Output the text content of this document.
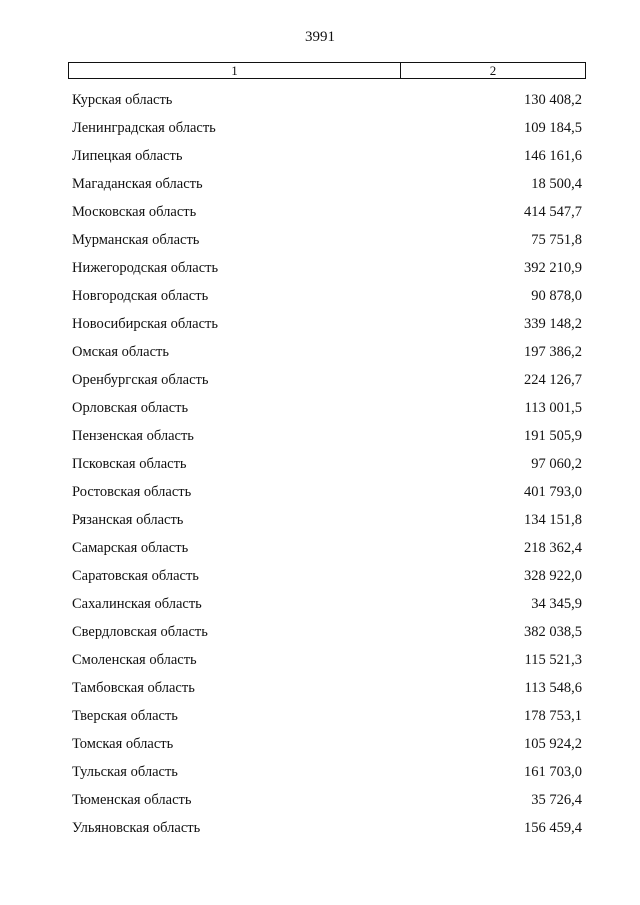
3991
1	2
Курская область	130 408,2
Ленинградская область	109 184,5
Липецкая область	146 161,6
Магаданская область	18 500,4
Московская область	414 547,7
Мурманская область	75 751,8
Нижегородская область	392 210,9
Новгородская область	90 878,0
Новосибирская область	339 148,2
Омская область	197 386,2
Оренбургская область	224 126,7
Орловская область	113 001,5
Пензенская область	191 505,9
Псковская область	97 060,2
Ростовская область	401 793,0
Рязанская область	134 151,8
Самарская область	218 362,4
Саратовская область	328 922,0
Сахалинская область	34 345,9
Свердловская область	382 038,5
Смоленская область	115 521,3
Тамбовская область	113 548,6
Тверская область	178 753,1
Томская область	105 924,2
Тульская область	161 703,0
Тюменская область	35 726,4
Ульяновская область	156 459,4
